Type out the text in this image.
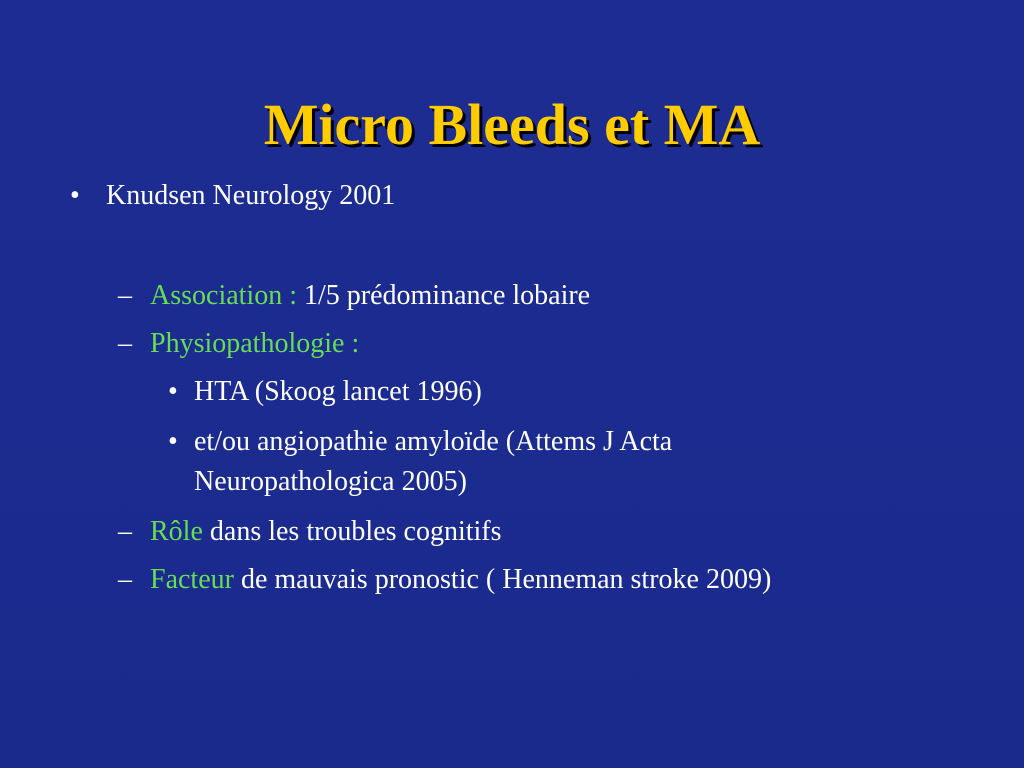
Micro Bleeds et MA
• Knudsen Neurology 2001
– Association : 1/5 prédominance lobaire
– Physiopathologie :
• HTA (Skoog lancet 1996)
• et/ou angiopathie amyloïde (Attems J Acta
Neuropathologica 2005)
– Rôle dans les troubles cognitifs
– Facteur de mauvais pronostic ( Henneman stroke 2009)
